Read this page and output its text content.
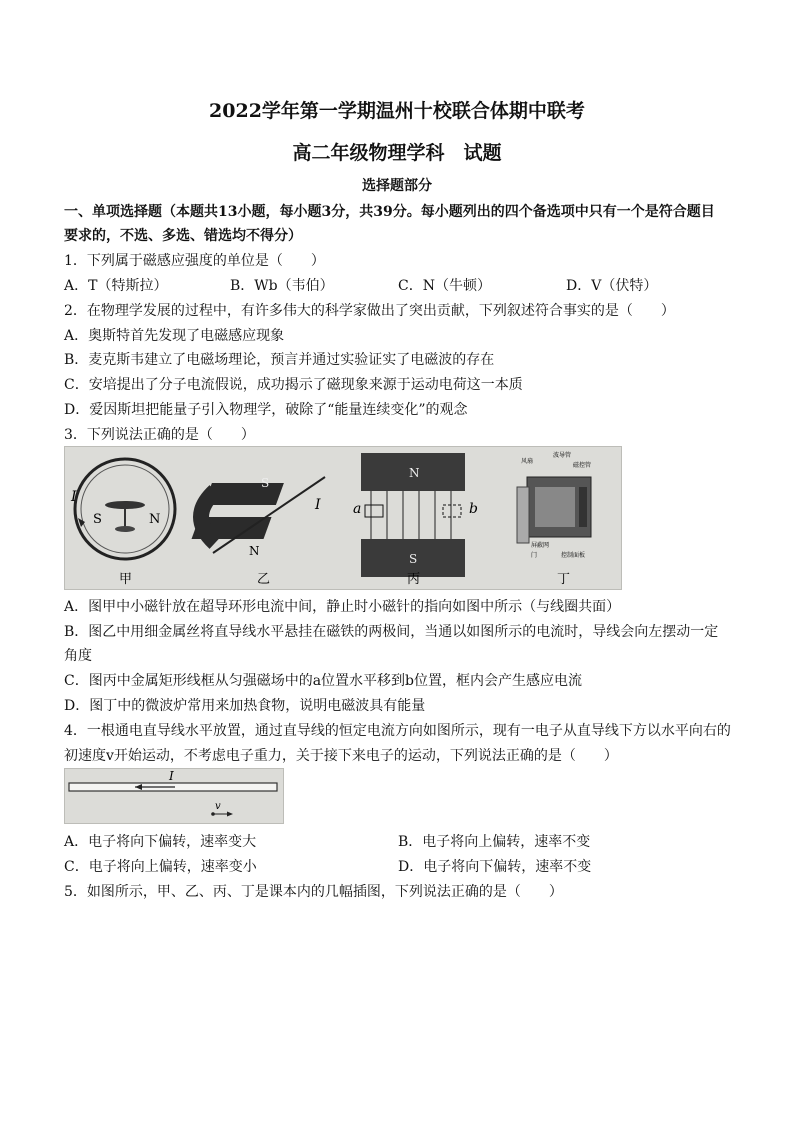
2022学年第一学期温州十校联合体期中联考
高二年级物理学科　试题
选择题部分
一、单项选择题（本题共13小题，每小题3分，共39分。每小题列出的四个备选项中只有一个是符合题目
要求的，不选、多选、错选均不得分）
1．下列属于磁感应强度的单位是（　　）
A．T（特斯拉）	B．Wb（韦伯）	C．N（牛顿）	D．V（伏特）
2．在物理学发展的过程中，有许多伟大的科学家做出了突出贡献，下列叙述符合事实的是（　　）
A．奥斯特首先发现了电磁感应现象
B．麦克斯韦建立了电磁场理论，预言并通过实验证实了电磁波的存在
C．安培提出了分子电流假说，成功揭示了磁现象来源于运动电荷这一本质
D．爱因斯坦把能量子引入物理学，破除了“能量连续变化”的观念
3．下列说法正确的是（　　）
I
S	N
甲
S
N
I
乙
N
S
a	b
丙
风扇
波导管
磁控管
屏蔽网
门	控制面板
丁
A．图甲中小磁针放在超导环形电流中间，静止时小磁针的指向如图中所示（与线圈共面）
B．图乙中用细金属丝将直导线水平悬挂在磁铁的两极间，当通以如图所示的电流时，导线会向左摆动一定
角度
C．图丙中金属矩形线框从匀强磁场中的a位置水平移到b位置，框内会产生感应电流
D．图丁中的微波炉常用来加热食物，说明电磁波具有能量
4．一根通电直导线水平放置，通过直导线的恒定电流方向如图所示，现有一电子从直导线下方以水平向右的
初速度v开始运动，不考虑电子重力，关于接下来电子的运动，下列说法正确的是（　　）
I
v
A．电子将向下偏转，速率变大	B．电子将向上偏转，速率不变
C．电子将向上偏转，速率变小	D．电子将向下偏转，速率不变
5．如图所示，甲、乙、丙、丁是课本内的几幅插图，下列说法正确的是（　　）
